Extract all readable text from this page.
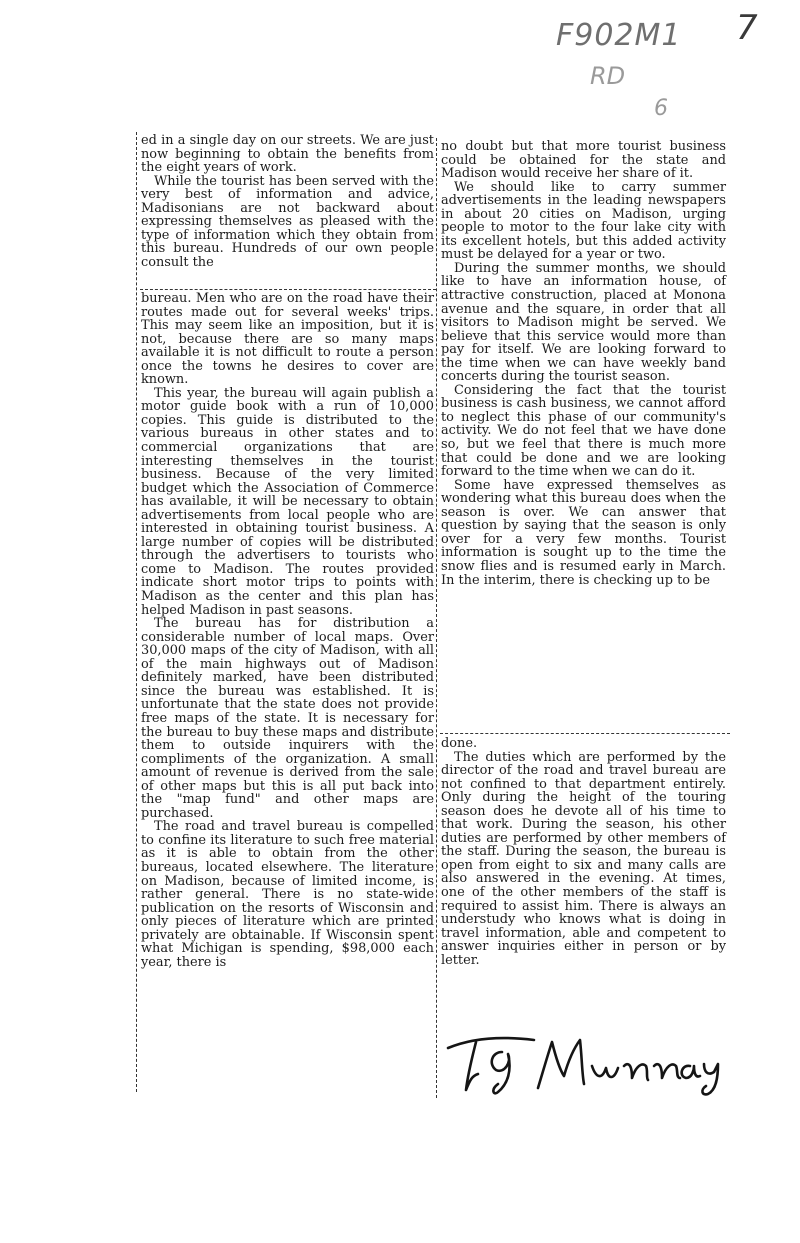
7
F902M1
RD
6

ed in a single day on our streets. We are just now beginning to obtain the benefits from the eight years of work.

While the tourist has been served with the very best of information and advice, Madisonians are not backward about expressing themselves as pleased with the type of information which they obtain from this bureau. Hundreds of our own people consult the

bureau. Men who are on the road have their routes made out for several weeks' trips. This may seem like an imposition, but it is not, because there are so many maps available it is not difficult to route a person once the towns he desires to cover are known.

This year, the bureau will again publish a motor guide book with a run of 10,000 copies. This guide is distributed to the various bureaus in other states and to commercial organizations that are interesting themselves in the tourist business. Because of the very limited budget which the Association of Commerce has available, it will be necessary to obtain advertisements from local people who are interested in obtaining tourist business. A large number of copies will be distributed through the advertisers to tourists who come to Madison. The routes provided indicate short motor trips to points with Madison as the center and this plan has helped Madison in past seasons.

The bureau has for distribution a considerable number of local maps. Over 30,000 maps of the city of Madison, with all of the main highways out of Madison definitely marked, have been distributed since the bureau was established. It is unfortunate that the state does not provide free maps of the state. It is necessary for the bureau to buy these maps and distribute them to outside inquirers with the compliments of the organization. A small amount of revenue is derived from the sale of other maps but this is all put back into the "map fund" and other maps are purchased.

The road and travel bureau is compelled to confine its literature to such free material as it is able to obtain from the other bureaus, located elsewhere. The literature on Madison, because of limited income, is rather general. There is no state-wide publication on the resorts of Wisconsin and only pieces of literature which are printed privately are obtainable. If Wisconsin spent what Michigan is spending, $98,000 each year, there is

no doubt but that more tourist business could be obtained for the state and Madison would receive her share of it.

We should like to carry summer advertisements in the leading newspapers in about 20 cities on Madison, urging people to motor to the four lake city with its excellent hotels, but this added activity must be delayed for a year or two.

During the summer months, we should like to have an information house, of attractive construction, placed at Monona avenue and the square, in order that all visitors to Madison might be served. We believe that this service would more than pay for itself. We are looking forward to the time when we can have weekly band concerts during the tourist season.

Considering the fact that the tourist business is cash business, we cannot afford to neglect this phase of our community's activity. We do not feel that we have done so, but we feel that there is much more that could be done and we are looking forward to the time when we can do it.

Some have expressed themselves as wondering what this bureau does when the season is over. We can answer that question by saying that the season is only over for a very few months. Tourist information is sought up to the time the snow flies and is resumed early in March. In the interim, there is checking up to be

done.

The duties which are performed by the director of the road and travel bureau are not confined to that department entirely. Only during the height of the touring season does he devote all of his time to that work. During the season, his other duties are performed by other members of the staff. During the season, the bureau is open from eight to six and many calls are also answered in the evening. At times, one of the other members of the staff is required to assist him. There is always an understudy who knows what is doing in travel information, able and competent to answer inquiries either in person or by letter.
